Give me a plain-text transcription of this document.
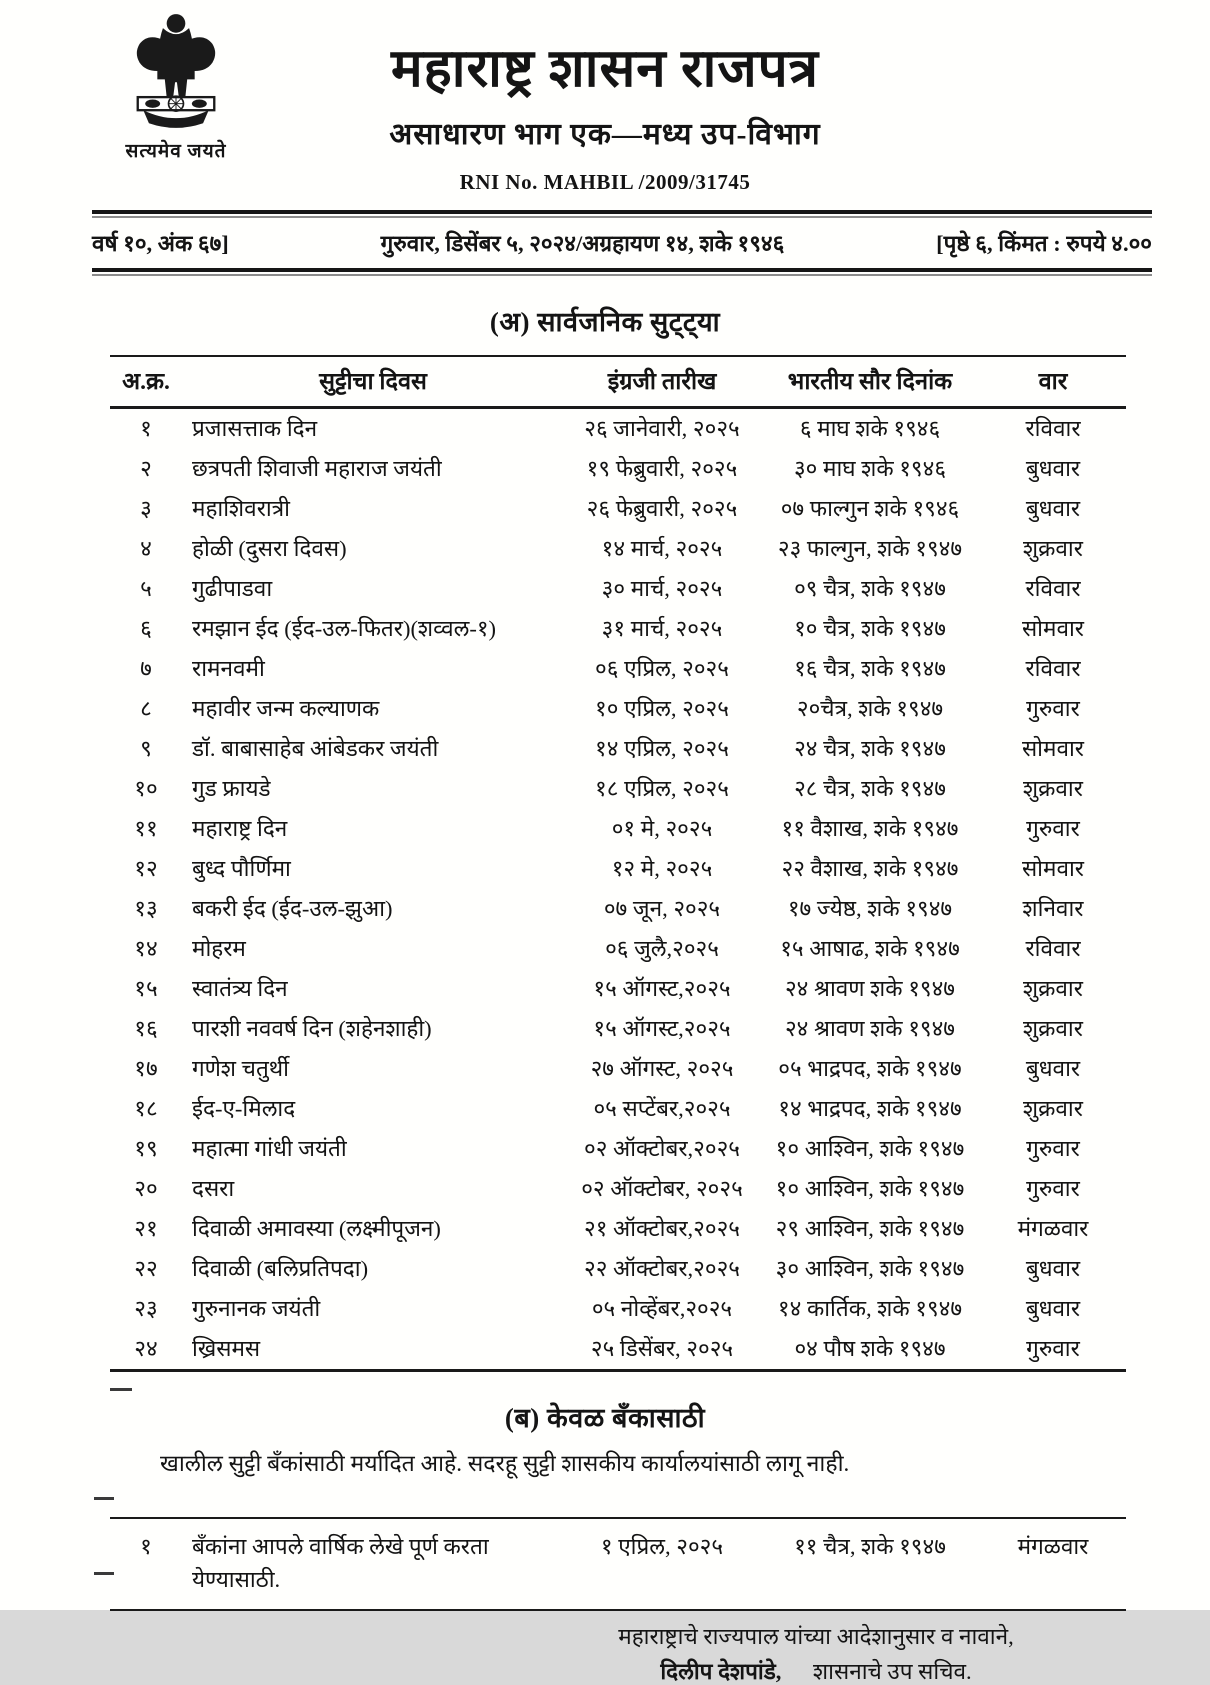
सत्यमेव जयते
महाराष्ट्र शासन राजपत्र
असाधारण भाग एक—मध्य उप-विभाग
RNI No. MAHBIL /2009/31745
वर्ष १०, अंक ६७]	गुरुवार, डिसेंबर ५, २०२४/अग्रहायण १४, शके १९४६	[पृष्ठे ६, किंमत : रुपये ४.००
(अ) सार्वजनिक सुट्ट्या
अ.क्र.	सुट्टीचा दिवस	इंग्रजी तारीख	भारतीय सौर दिनांक	वार
१	प्रजासत्ताक दिन	२६ जानेवारी, २०२५	६ माघ शके १९४६	रविवार
२	छत्रपती शिवाजी महाराज जयंती	१९ फेब्रुवारी, २०२५	३० माघ शके १९४६	बुधवार
३	महाशिवरात्री	२६ फेब्रुवारी, २०२५	०७ फाल्गुन शके १९४६	बुधवार
४	होळी (दुसरा दिवस)	१४ मार्च, २०२५	२३ फाल्गुन, शके १९४७	शुक्रवार
५	गुढीपाडवा	३० मार्च, २०२५	०९ चैत्र, शके १९४७	रविवार
६	रमझान ईद (ईद-उल-फितर)(शव्वल-१)	३१ मार्च, २०२५	१० चैत्र, शके १९४७	सोमवार
७	रामनवमी	०६ एप्रिल, २०२५	१६ चैत्र, शके १९४७	रविवार
८	महावीर जन्म कल्याणक	१० एप्रिल, २०२५	२०चैत्र, शके १९४७	गुरुवार
९	डॉ. बाबासाहेब आंबेडकर जयंती	१४ एप्रिल, २०२५	२४ चैत्र, शके १९४७	सोमवार
१०	गुड फ्रायडे	१८ एप्रिल, २०२५	२८ चैत्र, शके १९४७	शुक्रवार
११	महाराष्ट्र दिन	०१ मे, २०२५	११ वैशाख, शके १९४७	गुरुवार
१२	बुध्द पौर्णिमा	१२ मे, २०२५	२२ वैशाख, शके १९४७	सोमवार
१३	बकरी ईद (ईद-उल-झुआ)	०७ जून, २०२५	१७ ज्येष्ठ, शके १९४७	शनिवार
१४	मोहरम	०६ जुलै,२०२५	१५ आषाढ, शके १९४७	रविवार
१५	स्वातंत्र्य दिन	१५ ऑगस्ट,२०२५	२४ श्रावण शके १९४७	शुक्रवार
१६	पारशी नववर्ष दिन (शहेनशाही)	१५ ऑगस्ट,२०२५	२४ श्रावण शके १९४७	शुक्रवार
१७	गणेश चतुर्थी	२७ ऑगस्ट, २०२५	०५ भाद्रपद, शके १९४७	बुधवार
१८	ईद-ए-मिलाद	०५ सप्टेंबर,२०२५	१४ भाद्रपद, शके १९४७	शुक्रवार
१९	महात्मा गांधी जयंती	०२ ऑक्टोबर,२०२५	१० आश्विन, शके १९४७	गुरुवार
२०	दसरा	०२ ऑक्टोबर, २०२५	१० आश्विन, शके १९४७	गुरुवार
२१	दिवाळी अमावस्या (लक्ष्मीपूजन)	२१ ऑक्टोबर,२०२५	२९ आश्विन, शके १९४७	मंगळवार
२२	दिवाळी (बलिप्रतिपदा)	२२ ऑक्टोबर,२०२५	३० आश्विन, शके १९४७	बुधवार
२३	गुरुनानक जयंती	०५ नोव्हेंबर,२०२५	१४ कार्तिक, शके १९४७	बुधवार
२४	ख्रिसमस	२५ डिसेंबर, २०२५	०४ पौष शके १९४७	गुरुवार
(ब) केवळ बँकासाठी
खालील सुट्टी बँकांसाठी मर्यादित आहे. सदरहू सुट्टी शासकीय कार्यालयांसाठी लागू नाही.
१	बँकांना आपले वार्षिक लेखे पूर्ण करता येण्यासाठी.	१ एप्रिल, २०२५	११ चैत्र, शके १९४७	मंगळवार
महाराष्ट्राचे राज्यपाल यांच्या आदेशानुसार व नावाने,
दिलीप देशपांडे, शासनाचे उप सचिव.
